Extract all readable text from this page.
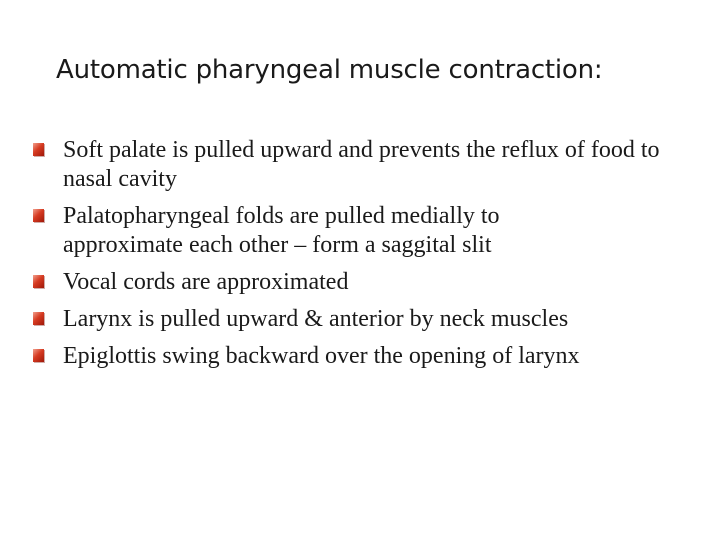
Automatic pharyngeal muscle contraction:
Soft palate is pulled upward and prevents the reflux of food to nasal cavity
Palatopharyngeal folds are pulled medially to approximate each other – form a saggital slit
Vocal cords are approximated
Larynx is pulled upward & anterior by neck muscles
Epiglottis swing backward over the opening of larynx
